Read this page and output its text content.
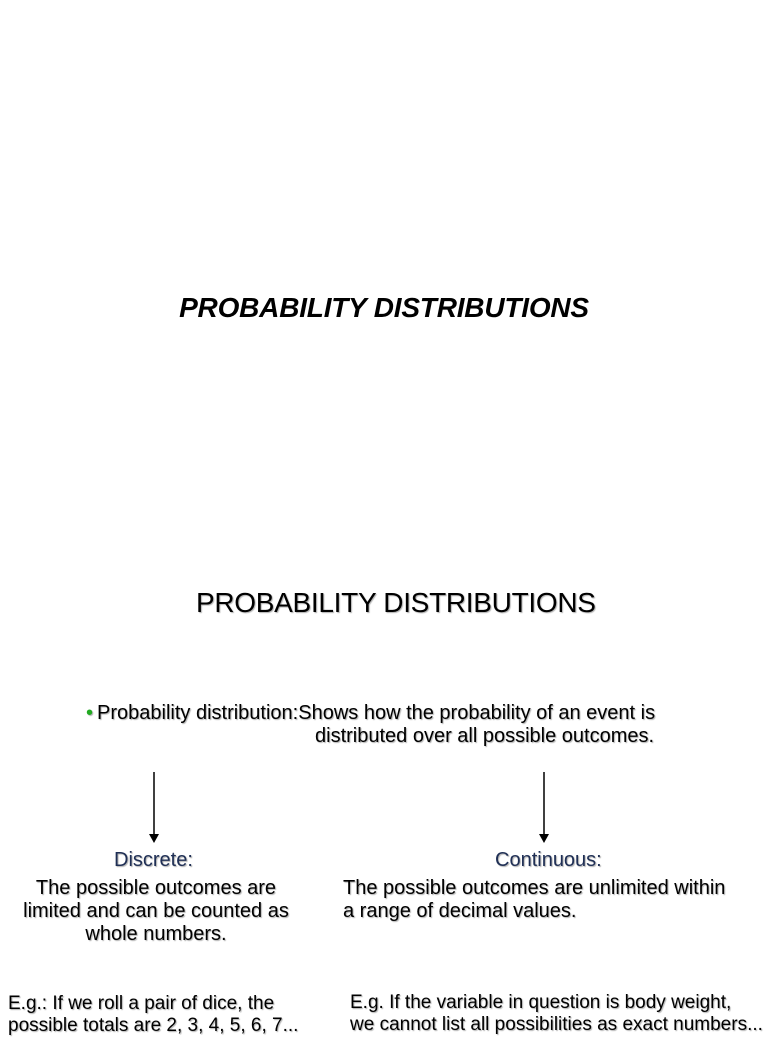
PROBABILITY DISTRIBUTIONS
PROBABILITY DISTRIBUTIONS
• Probability distribution:Shows how the probability of an event is
distributed over all possible outcomes.
Discrete:	Continuous:
The possible outcomes are
limited and can be counted as
whole numbers.
The possible outcomes are unlimited within
a range of decimal values.
E.g.: If we roll a pair of dice, the
possible totals are 2, 3, 4, 5, 6, 7...
E.g. If the variable in question is body weight,
we cannot list all possibilities as exact numbers...
